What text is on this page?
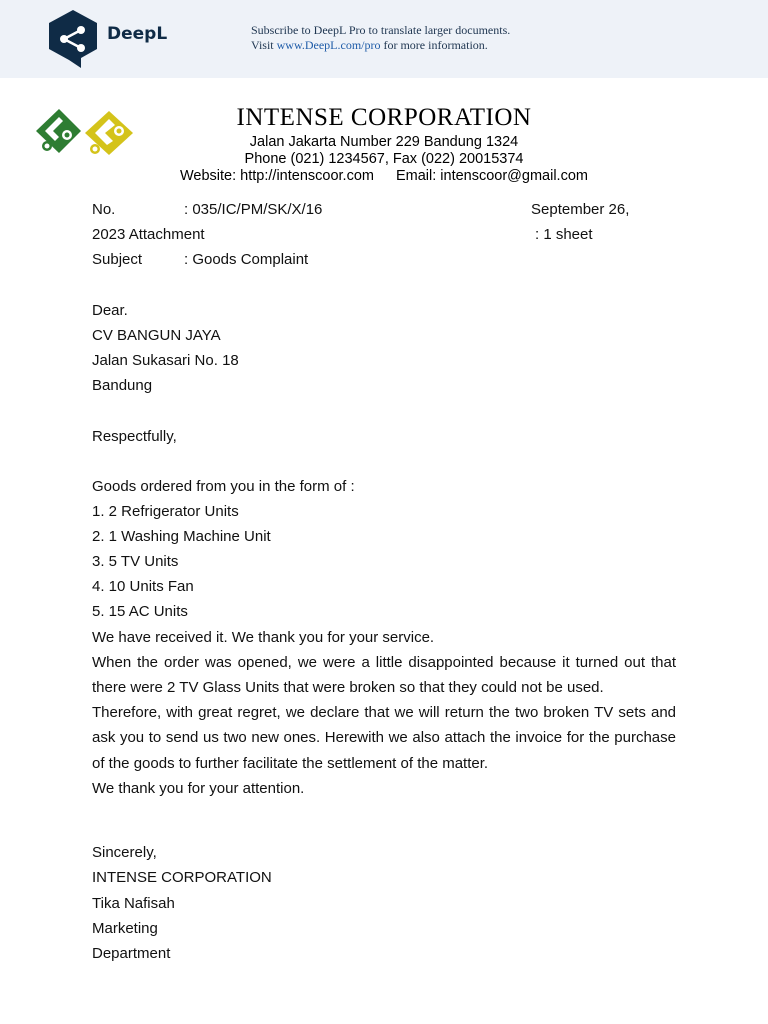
DeepL	Subscribe to DeepL Pro to translate larger documents.
Visit www.DeepL.com/pro for more information.
INTENSE CORPORATION
Jalan Jakarta Number 229 Bandung 1324
Phone (021) 1234567, Fax (022) 20015374
Website: http://intenscoor.com Email: intenscoor@gmail.com
No.	: 035/IC/PM/SK/X/16	September 26,
2023 Attachment	: 1 sheet
Subject	: Goods Complaint
Dear.
CV BANGUN JAYA
Jalan Sukasari No. 18
Bandung
Respectfully,
Goods ordered from you in the form of :
1. 2 Refrigerator Units
2. 1 Washing Machine Unit
3. 5 TV Units
4. 10 Units Fan
5. 15 AC Units
We have received it. We thank you for your service.
When the order was opened, we were a little disappointed because it turned out that there were 2 TV Glass Units that were broken so that they could not be used.
Therefore, with great regret, we declare that we will return the two broken TV sets and ask you to send us two new ones. Herewith we also attach the invoice for the purchase of the goods to further facilitate the settlement of the matter.
We thank you for your attention.
Sincerely,
INTENSE CORPORATION
Tika Nafisah
Marketing
Department
